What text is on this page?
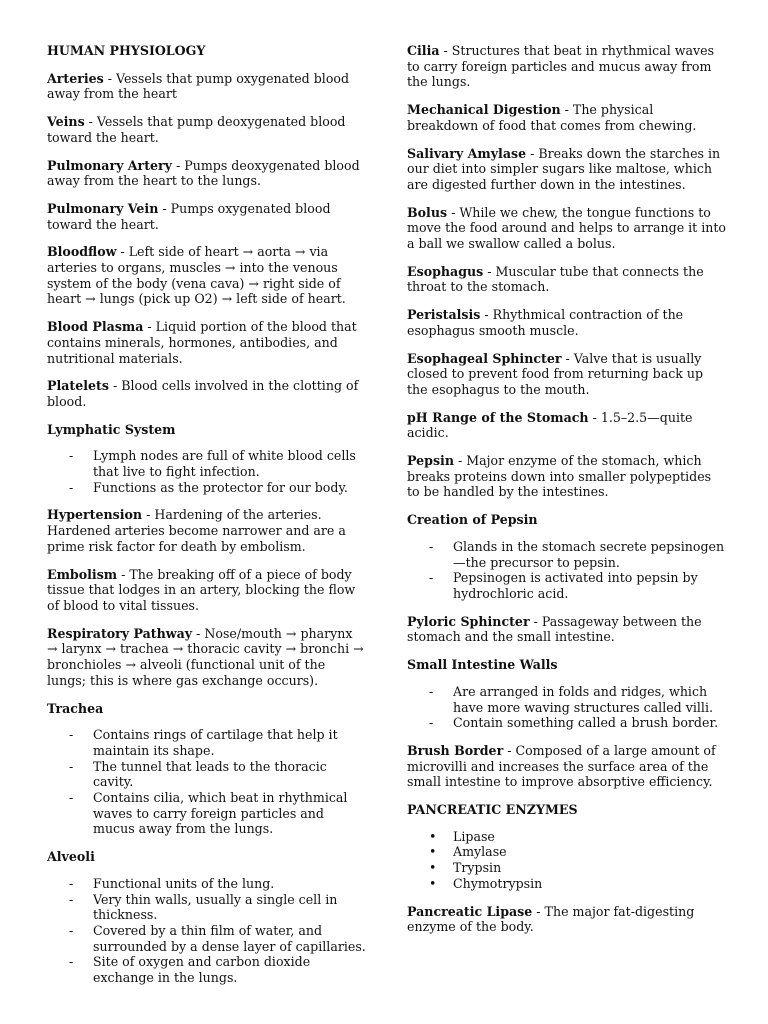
HUMAN PHYSIOLOGY
Arteries - Vessels that pump oxygenated blood away from the heart
Veins - Vessels that pump deoxygenated blood toward the heart.
Pulmonary Artery - Pumps deoxygenated blood away from the heart to the lungs.
Pulmonary Vein - Pumps oxygenated blood toward the heart.
Bloodflow - Left side of heart → aorta → via arteries to organs, muscles → into the venous system of the body (vena cava) → right side of heart → lungs (pick up O2) → left side of heart.
Blood Plasma - Liquid portion of the blood that contains minerals, hormones, antibodies, and nutritional materials.
Platelets - Blood cells involved in the clotting of blood.
Lymphatic System
- Lymph nodes are full of white blood cells that live to fight infection.
- Functions as the protector for our body.
Hypertension - Hardening of the arteries. Hardened arteries become narrower and are a prime risk factor for death by embolism.
Embolism - The breaking off of a piece of body tissue that lodges in an artery, blocking the flow of blood to vital tissues.
Respiratory Pathway - Nose/mouth → pharynx → larynx → trachea → thoracic cavity → bronchi → bronchioles → alveoli (functional unit of the lungs; this is where gas exchange occurs).
Trachea
- Contains rings of cartilage that help it maintain its shape.
- The tunnel that leads to the thoracic cavity.
- Contains cilia, which beat in rhythmical waves to carry foreign particles and mucus away from the lungs.
Alveoli
- Functional units of the lung.
- Very thin walls, usually a single cell in thickness.
- Covered by a thin film of water, and surrounded by a dense layer of capillaries.
- Site of oxygen and carbon dioxide exchange in the lungs.
Cilia - Structures that beat in rhythmical waves to carry foreign particles and mucus away from the lungs.
Mechanical Digestion - The physical breakdown of food that comes from chewing.
Salivary Amylase - Breaks down the starches in our diet into simpler sugars like maltose, which are digested further down in the intestines.
Bolus - While we chew, the tongue functions to move the food around and helps to arrange it into a ball we swallow called a bolus.
Esophagus - Muscular tube that connects the throat to the stomach.
Peristalsis - Rhythmical contraction of the esophagus smooth muscle.
Esophageal Sphincter - Valve that is usually closed to prevent food from returning back up the esophagus to the mouth.
pH Range of the Stomach - 1.5–2.5—quite acidic.
Pepsin - Major enzyme of the stomach, which breaks proteins down into smaller polypeptides to be handled by the intestines.
Creation of Pepsin
- Glands in the stomach secrete pepsinogen—the precursor to pepsin.
- Pepsinogen is activated into pepsin by hydrochloric acid.
Pyloric Sphincter - Passageway between the stomach and the small intestine.
Small Intestine Walls
- Are arranged in folds and ridges, which have more waving structures called villi.
- Contain something called a brush border.
Brush Border - Composed of a large amount of microvilli and increases the surface area of the small intestine to improve absorptive efficiency.
PANCREATIC ENZYMES
• Lipase
• Amylase
• Trypsin
• Chymotrypsin
Pancreatic Lipase - The major fat-digesting enzyme of the body.
